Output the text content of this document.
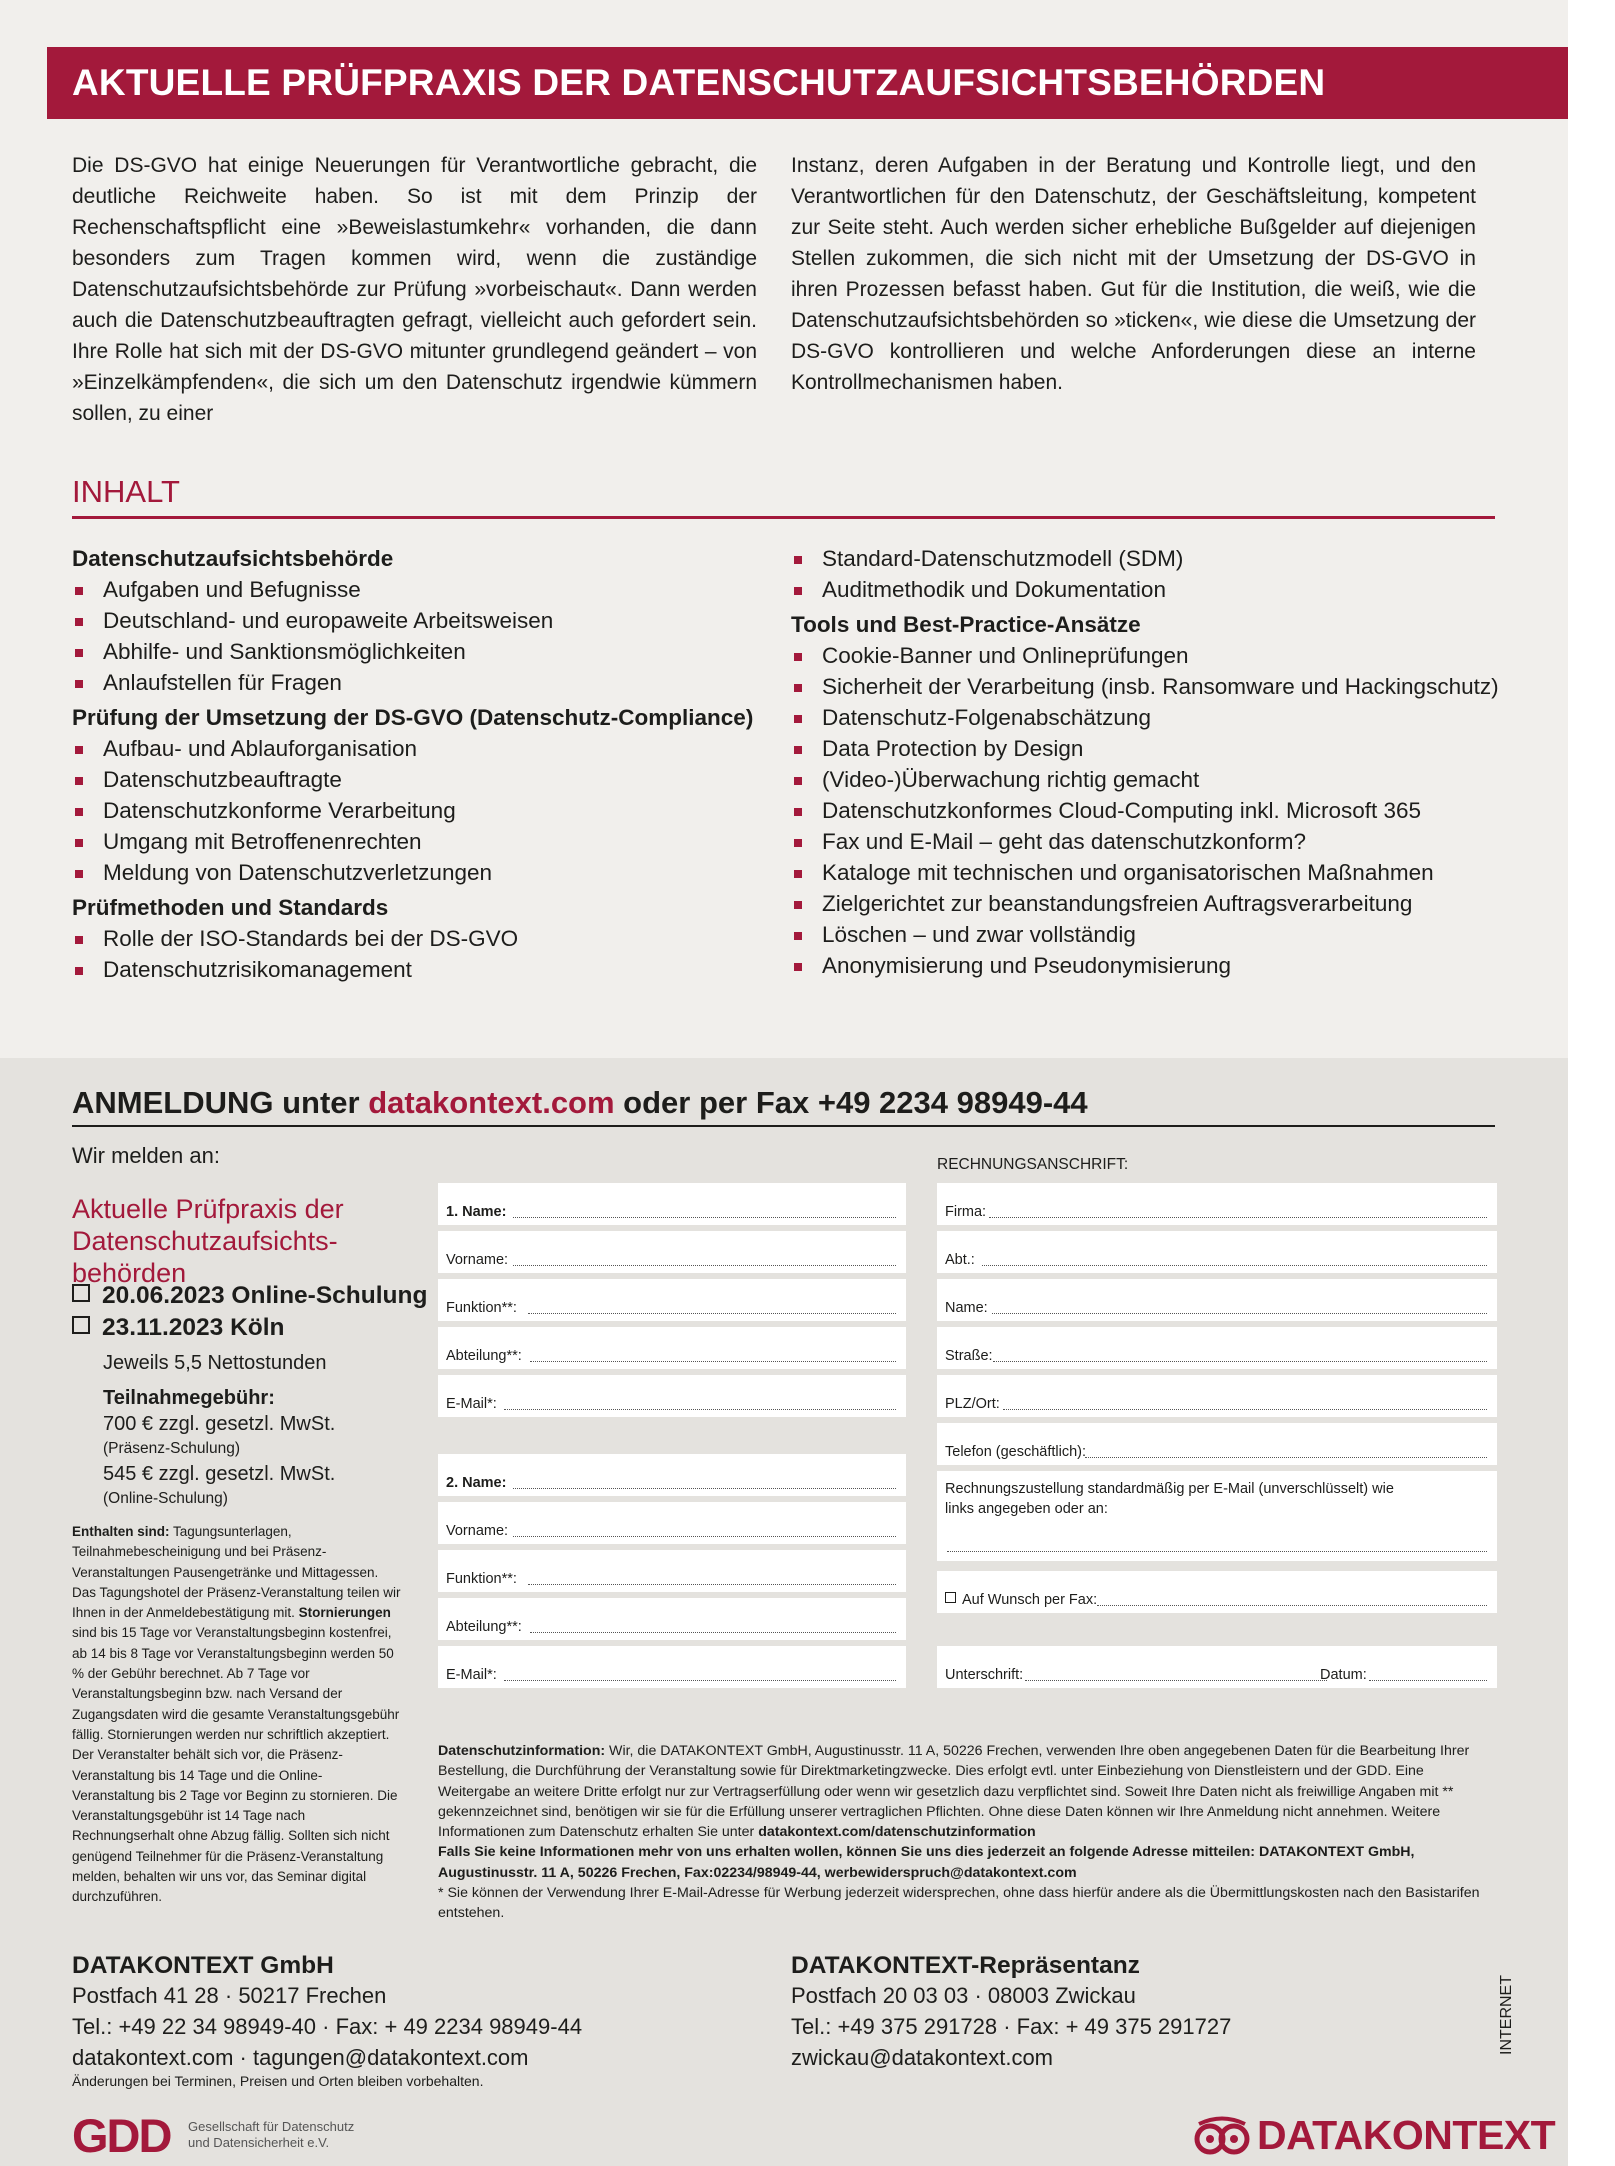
AKTUELLE PRÜFPRAXIS DER DATENSCHUTZAUFSICHTSBEHÖRDEN

Die DS-GVO hat einige Neuerungen für Verantwortliche gebracht, die deutliche Reichweite haben. So ist mit dem Prinzip der Rechenschaftspflicht eine »Beweislastumkehr« vorhanden, die dann besonders zum Tragen kommen wird, wenn die zuständige Datenschutzaufsichtsbehörde zur Prüfung »vorbeischaut«. Dann werden auch die Datenschutzbeauftragten gefragt, vielleicht auch gefordert sein. Ihre Rolle hat sich mit der DS-GVO mitunter grundlegend geändert – von »Einzelkämpfenden«, die sich um den Datenschutz irgendwie kümmern sollen, zu einer

Instanz, deren Aufgaben in der Beratung und Kontrolle liegt, und den Verantwortlichen für den Datenschutz, der Geschäftsleitung, kompetent zur Seite steht. Auch werden sicher erhebliche Bußgelder auf diejenigen Stellen zukommen, die sich nicht mit der Umsetzung der DS-GVO in ihren Prozessen befasst haben. Gut für die Institution, die weiß, wie die Datenschutzaufsichtsbehörden so »ticken«, wie diese die Umsetzung der DS-GVO kontrollieren und welche Anforderungen diese an interne Kontrollmechanismen haben.

INHALT
Datenschutzaufsichtsbehörde
Aufgaben und Befugnisse
Deutschland- und europaweite Arbeitsweisen
Abhilfe- und Sanktionsmöglichkeiten
Anlaufstellen für Fragen
Prüfung der Umsetzung der DS-GVO (Datenschutz-Compliance)
Aufbau- und Ablauforganisation
Datenschutzbeauftragte
Datenschutzkonforme Verarbeitung
Umgang mit Betroffenenrechten
Meldung von Datenschutzverletzungen
Prüfmethoden und Standards
Rolle der ISO-Standards bei der DS-GVO
Datenschutzrisikomanagement
Standard-Datenschutzmodell (SDM)
Auditmethodik und Dokumentation
Tools und Best-Practice-Ansätze
Cookie-Banner und Onlineprüfungen
Sicherheit der Verarbeitung (insb. Ransomware und Hackingschutz)
Datenschutz-Folgenabschätzung
Data Protection by Design
(Video-)Überwachung richtig gemacht
Datenschutzkonformes Cloud-Computing inkl. Microsoft 365
Fax und E-Mail – geht das datenschutzkonform?
Kataloge mit technischen und organisatorischen Maßnahmen
Zielgerichtet zur beanstandungsfreien Auftragsverarbeitung
Löschen – und zwar vollständig
Anonymisierung und Pseudonymisierung
ANMELDUNG unter datakontext.com oder per Fax +49 2234 98949-44
Wir melden an:
Aktuelle Prüfpraxis der Datenschutzaufsichtsbehörden
20.06.2023 Online-Schulung
23.11.2023 Köln
Jeweils 5,5 Nettostunden
Teilnahmegebühr:
700 € zzgl. gesetzl. MwSt.
(Präsenz-Schulung)
545 € zzgl. gesetzl. MwSt.
(Online-Schulung)
Enthalten sind: Tagungsunterlagen, Teilnahmebescheinigung und bei Präsenz-Veranstaltungen Pausengetränke und Mittagessen. Das Tagungshotel der Präsenz-Veranstaltung teilen wir Ihnen in der Anmeldebestätigung mit. Stornierungen sind bis 15 Tage vor Veranstaltungsbeginn kostenfrei, ab 14 bis 8 Tage vor Veranstaltungsbeginn werden 50 % der Gebühr berechnet. Ab 7 Tage vor Veranstaltungsbeginn bzw. nach Versand der Zugangsdaten wird die gesamte Veranstaltungsgebühr fällig. Stornierungen werden nur schriftlich akzeptiert. Der Veranstalter behält sich vor, die Präsenz-Veranstaltung bis 14 Tage und die Online-Veranstaltung bis 2 Tage vor Beginn zu stornieren. Die Veranstaltungsgebühr ist 14 Tage nach Rechnungserhalt ohne Abzug fällig. Sollten sich nicht genügend Teilnehmer für die Präsenz-Veranstaltung melden, behalten wir uns vor, das Seminar digital durchzuführen.
1. Name:
Vorname:
Funktion**:
Abteilung**:
E-Mail*:
2. Name:
Vorname:
Funktion**:
Abteilung**:
E-Mail*:
RECHNUNGSANSCHRIFT:
Firma:
Abt.:
Name:
Straße:
PLZ/Ort:
Telefon (geschäftlich):
Rechnungszustellung standardmäßig per E-Mail (unverschlüsselt) wie links angegeben oder an:
Auf Wunsch per Fax:
Unterschrift:	Datum:
Datenschutzinformation: Wir, die DATAKONTEXT GmbH, Augustinusstr. 11 A, 50226 Frechen, verwenden Ihre oben angegebenen Daten für die Bearbeitung Ihrer Bestellung, die Durchführung der Veranstaltung sowie für Direktmarketingzwecke. Dies erfolgt evtl. unter Einbeziehung von Dienstleistern und der GDD. Eine Weitergabe an weitere Dritte erfolgt nur zur Vertragserfüllung oder wenn wir gesetzlich dazu verpflichtet sind. Soweit Ihre Daten nicht als freiwillige Angaben mit ** gekennzeichnet sind, benötigen wir sie für die Erfüllung unserer vertraglichen Pflichten. Ohne diese Daten können wir Ihre Anmeldung nicht annehmen. Weitere Informationen zum Datenschutz erhalten Sie unter datakontext.com/datenschutzinformation
Falls Sie keine Informationen mehr von uns erhalten wollen, können Sie uns dies jederzeit an folgende Adresse mitteilen: DATAKONTEXT GmbH, Augustinusstr. 11 A, 50226 Frechen, Fax:02234/98949-44, werbewiderspruch@datakontext.com
* Sie können der Verwendung Ihrer E-Mail-Adresse für Werbung jederzeit widersprechen, ohne dass hierfür andere als die Übermittlungskosten nach den Basistarifen entstehen.
DATAKONTEXT GmbH
Postfach 41 28 · 50217 Frechen
Tel.: +49 22 34 98949-40 · Fax: + 49 2234 98949-44
datakontext.com · tagungen@datakontext.com
DATAKONTEXT-Repräsentanz
Postfach 20 03 03 · 08003 Zwickau
Tel.: +49 375 291728 · Fax: + 49 375 291727
zwickau@datakontext.com
INTERNET
Änderungen bei Terminen, Preisen und Orten bleiben vorbehalten.
GDD Gesellschaft für Datenschutz
und Datensicherheit e.V.	DATAKONTEXT
